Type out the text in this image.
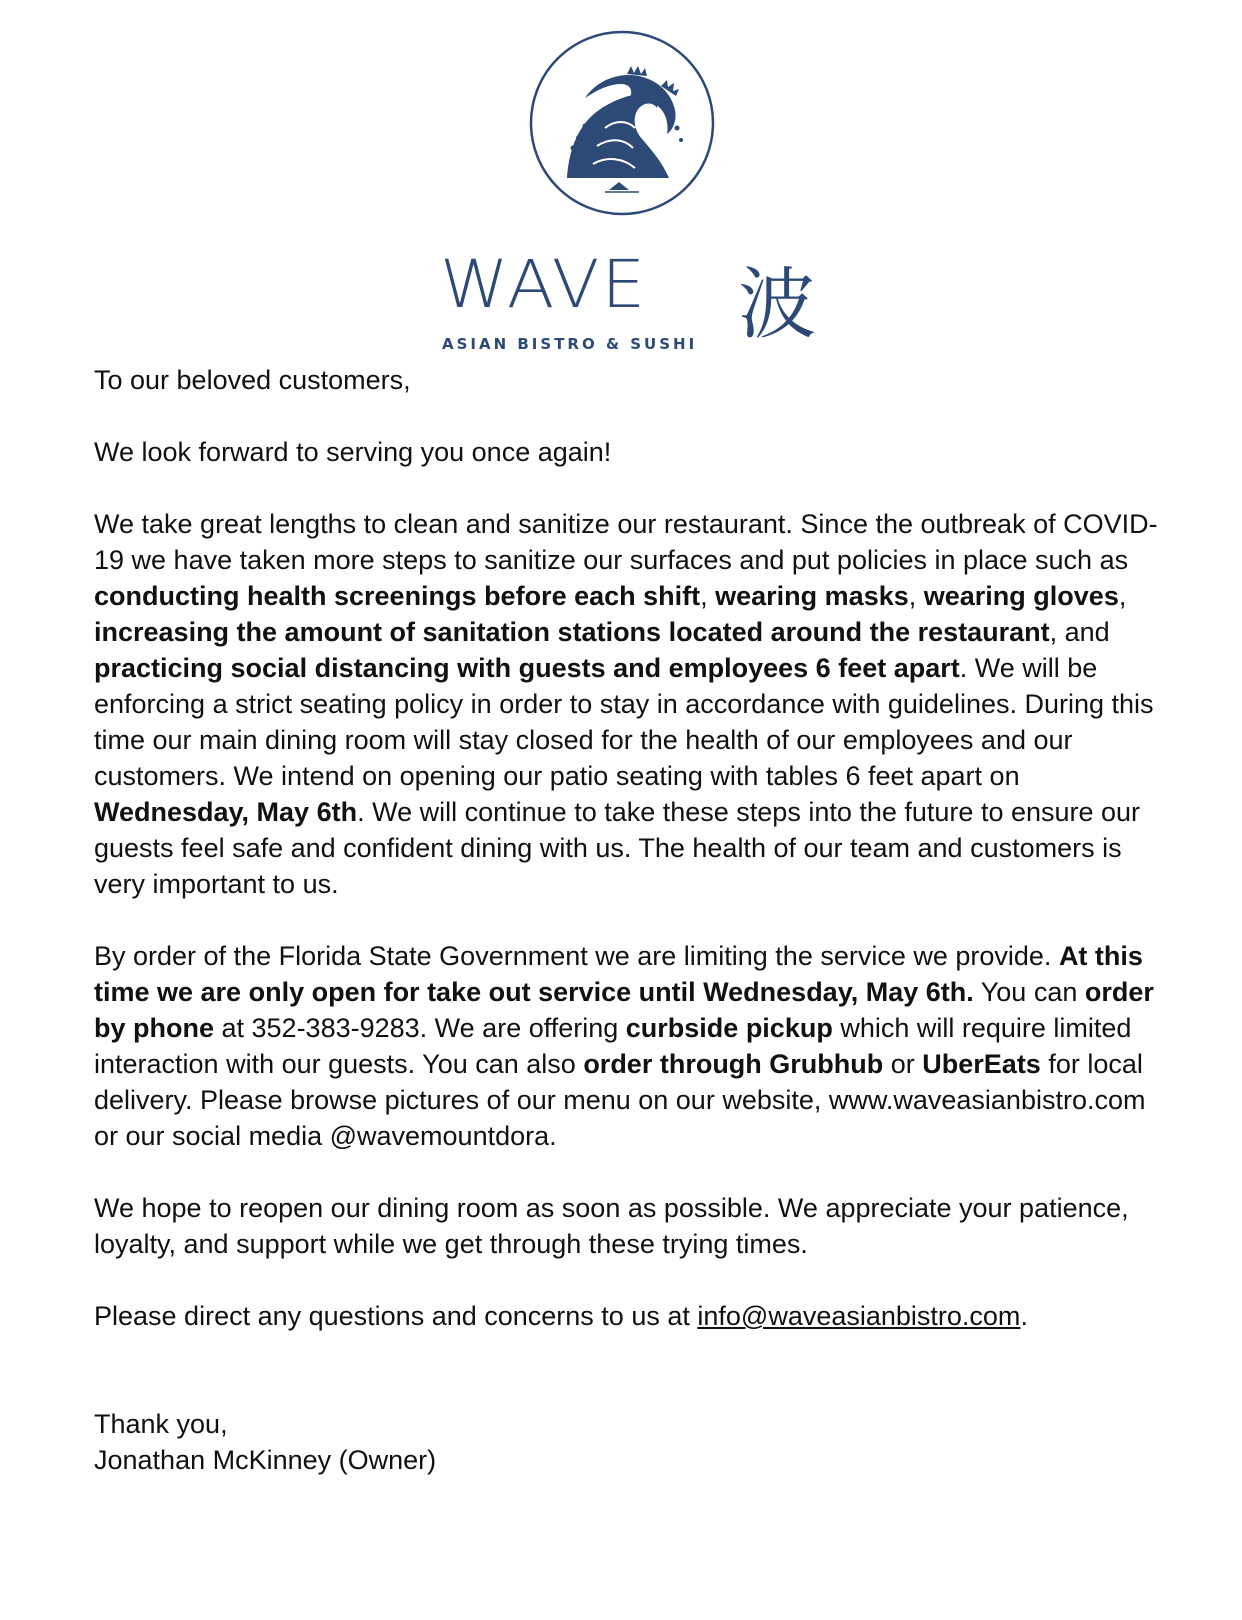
WAVE 波
ASIAN BISTRO & SUSHI

To our beloved customers,

We look forward to serving you once again!

We take great lengths to clean and sanitize our restaurant. Since the outbreak of COVID-19 we have taken more steps to sanitize our surfaces and put policies in place such as conducting health screenings before each shift, wearing masks, wearing gloves, increasing the amount of sanitation stations located around the restaurant, and practicing social distancing with guests and employees 6 feet apart. We will be enforcing a strict seating policy in order to stay in accordance with guidelines. During this time our main dining room will stay closed for the health of our employees and our customers. We intend on opening our patio seating with tables 6 feet apart on Wednesday, May 6th. We will continue to take these steps into the future to ensure our guests feel safe and confident dining with us. The health of our team and customers is very important to us.

By order of the Florida State Government we are limiting the service we provide. At this time we are only open for take out service until Wednesday, May 6th. You can order by phone at 352-383-9283. We are offering curbside pickup which will require limited interaction with our guests. You can also order through Grubhub or UberEats for local delivery. Please browse pictures of our menu on our website, www.waveasianbistro.com or our social media @wavemountdora.

We hope to reopen our dining room as soon as possible. We appreciate your patience, loyalty, and support while we get through these trying times.

Please direct any questions and concerns to us at info@waveasianbistro.com.

Thank you,
Jonathan McKinney (Owner)
